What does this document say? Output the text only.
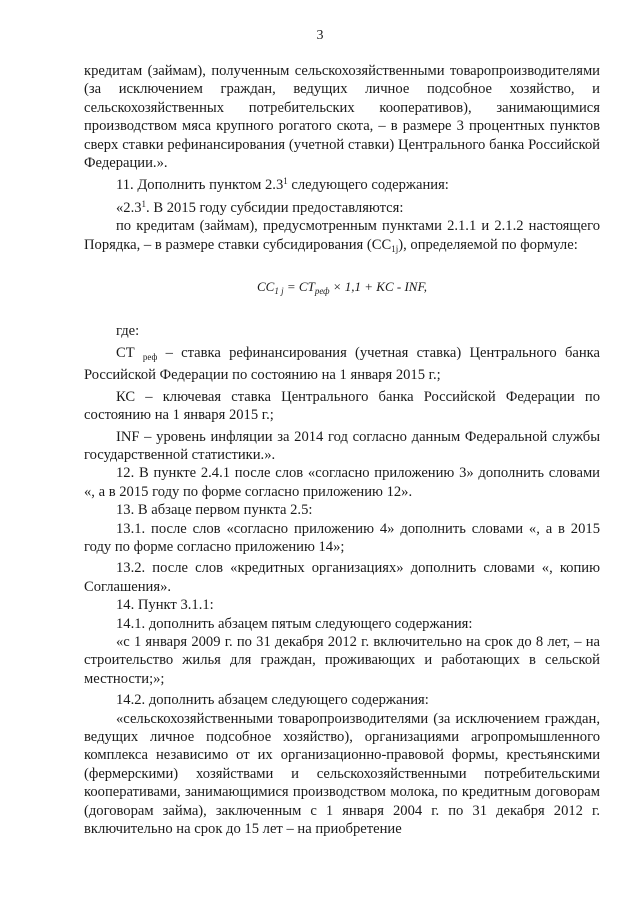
3

кредитам (займам), полученным сельскохозяйственными товаропроизводителями (за исключением граждан, ведущих личное подсобное хозяйство, и сельскохозяйственных потребительских кооперативов), занимающимися производством мяса крупного рогатого скота, – в размере 3 процентных пунктов сверх ставки рефинансирования (учетной ставки) Центрального банка Российской Федерации.».

11. Дополнить пунктом $2.3^1$ следующего содержания:

«$2.3^1$. В 2015 году субсидии предоставляются:

по кредитам (займам), предусмотренным пунктами 2.1.1 и 2.1.2 настоящего Порядка, – в размере ставки субсидирования $(СС_{1j})$, определяемой по формуле:

$CC_{1 j} = CT_{реф} \times 1,1$ + KC - INF,

где:

СТ $_{реф}$ – ставка рефинансирования (учетная ставка) Центрального банка Российской Федерации по состоянию на 1 января 2015 г.;

КС – ключевая ставка Центрального банка Российской Федерации по состоянию на 1 января 2015 г.;

INF – уровень инфляции за 2014 год согласно данным Федеральной службы государственной статистики.».

12. В пункте 2.4.1 после слов «согласно приложению 3» дополнить словами «, а в 2015 году по форме согласно приложению 12».

13. В абзаце первом пункта 2.5:

13.1. после слов «согласно приложению 4» дополнить словами «, а в 2015 году по форме согласно приложению 14»;

13.2. после слов «кредитных организациях» дополнить словами «, копию Соглашения».

14. Пункт 3.1.1:

14.1. дополнить абзацем пятым следующего содержания:

«с 1 января 2009 г. по 31 декабря 2012 г. включительно на срок до 8 лет, – на строительство жилья для граждан, проживающих и работающих в сельской местности;»;

14.2. дополнить абзацем следующего содержания:

«сельскохозяйственными товаропроизводителями (за исключением граждан, ведущих личное подсобное хозяйство), организациями агропромышленного комплекса независимо от их организационно-правовой формы, крестьянскими (фермерскими) хозяйствами и сельскохозяйственными потребительскими кооперативами, занимающимися производством молока, по кредитным договорам (договорам займа), заключенным с 1 января 2004 г. по 31 декабря 2012 г. включительно на срок до 15 лет – на приобретение
